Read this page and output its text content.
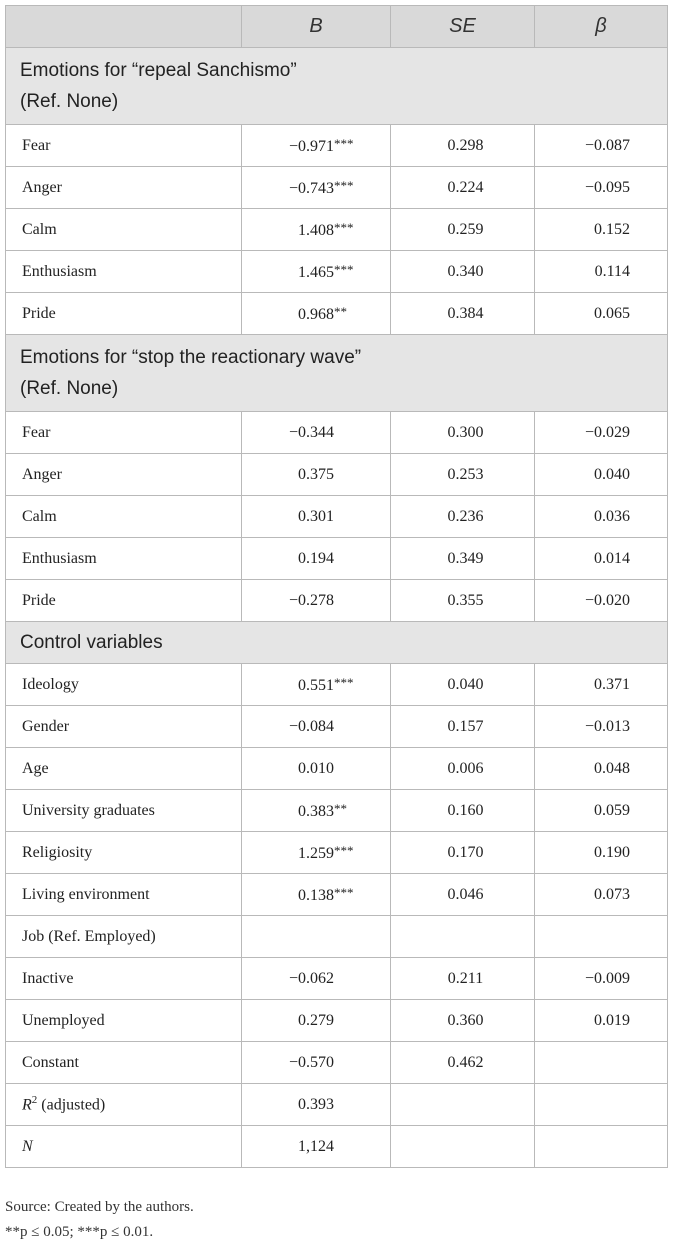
	B	SE	β

Emotions for “repeal Sanchismo”
(Ref. None)			

Fear	−0.971***	0.298	−0.087
Anger	−0.743***	0.224	−0.095
Calm	1.408***	0.259	0.152
Enthusiasm	1.465***	0.340	0.114
Pride	0.968**	0.384	0.065

Emotions for “stop the reactionary wave”
(Ref. None)			

Fear	−0.344	0.300	−0.029
Anger	0.375	0.253	0.040
Calm	0.301	0.236	0.036
Enthusiasm	0.194	0.349	0.014
Pride	−0.278	0.355	−0.020

Control variables			

Ideology	0.551***	0.040	0.371
Gender	−0.084	0.157	−0.013
Age	0.010	0.006	0.048
University graduates	0.383**	0.160	0.059
Religiosity	1.259***	0.170	0.190
Living environment	0.138***	0.046	0.073
Job (Ref. Employed)			
Inactive	−0.062	0.211	−0.009
Unemployed	0.279	0.360	0.019
Constant	−0.570	0.462	
$R^2$ (adjusted)	0.393		
N	1,124		
Source: Created by the authors.
**p ≤ 0.05; ***p ≤ 0.01.
